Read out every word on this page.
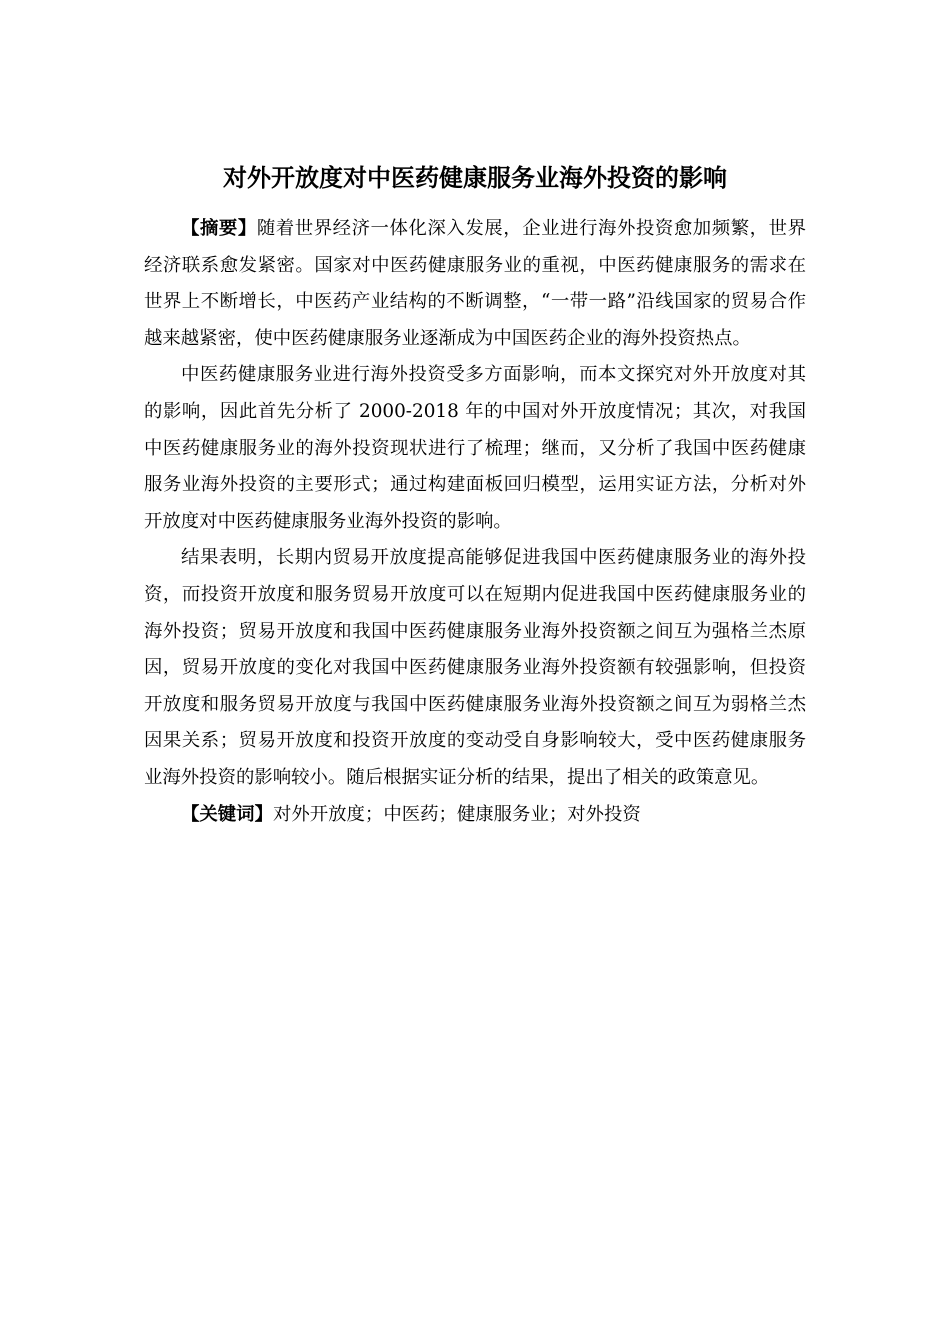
对外开放度对中医药健康服务业海外投资的影响

【摘要】随着世界经济一体化深入发展，企业进行海外投资愈加频繁，世界经济联系愈发紧密。国家对中医药健康服务业的重视，中医药健康服务的需求在世界上不断增长，中医药产业结构的不断调整，“一带一路”沿线国家的贸易合作越来越紧密，使中医药健康服务业逐渐成为中国医药企业的海外投资热点。

中医药健康服务业进行海外投资受多方面影响，而本文探究对外开放度对其的影响，因此首先分析了 2000-2018 年的中国对外开放度情况；其次，对我国中医药健康服务业的海外投资现状进行了梳理；继而，又分析了我国中医药健康服务业海外投资的主要形式；通过构建面板回归模型，运用实证方法，分析对外开放度对中医药健康服务业海外投资的影响。

结果表明，长期内贸易开放度提高能够促进我国中医药健康服务业的海外投资，而投资开放度和服务贸易开放度可以在短期内促进我国中医药健康服务业的海外投资；贸易开放度和我国中医药健康服务业海外投资额之间互为强格兰杰原因，贸易开放度的变化对我国中医药健康服务业海外投资额有较强影响，但投资开放度和服务贸易开放度与我国中医药健康服务业海外投资额之间互为弱格兰杰因果关系；贸易开放度和投资开放度的变动受自身影响较大，受中医药健康服务业海外投资的影响较小。随后根据实证分析的结果，提出了相关的政策意见。

【关键词】对外开放度；中医药；健康服务业；对外投资
